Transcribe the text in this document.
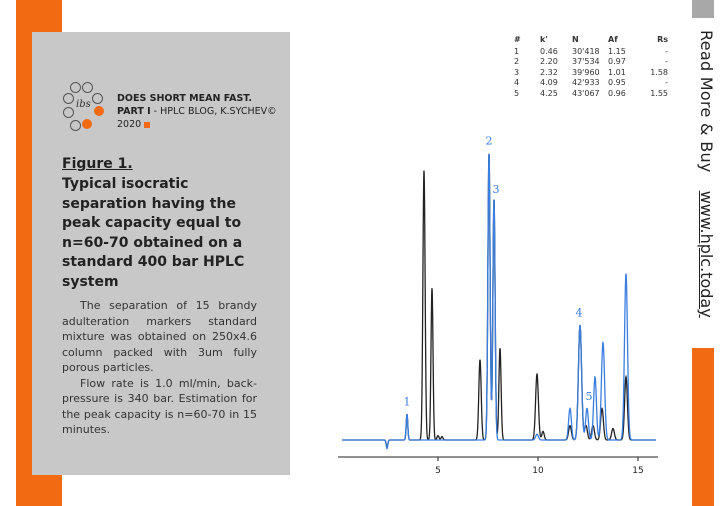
ibs
DOES SHORT MEAN FAST.
PART I - HPLC BLOG, K.SYCHEV©
2020
Figure 1.
Typical isocratic separation having the peak capacity equal to n=60-70 obtained on a standard 400 bar HPLC system

The separation of 15 brandy adulteration markers standard mixture was obtained on 250x4.6 column packed with 3um fully porous particles.

Flow rate is 1.0 ml/min, back-pressure is 340 bar. Estimation for the peak capacity is n=60-70 in 15 minutes.

Read More & Buywww.hplc.today
#	k'	N	Af	Rs
1	0.46	30'418	1.15	-
2	2.20	37'534	0.97	-
3	2.32	39'960	1.01	1.58
4	4.09	42'933	0.95	-
5	4.25	43'067	0.96	1.55
5	10	15
1
2
3
4
5
